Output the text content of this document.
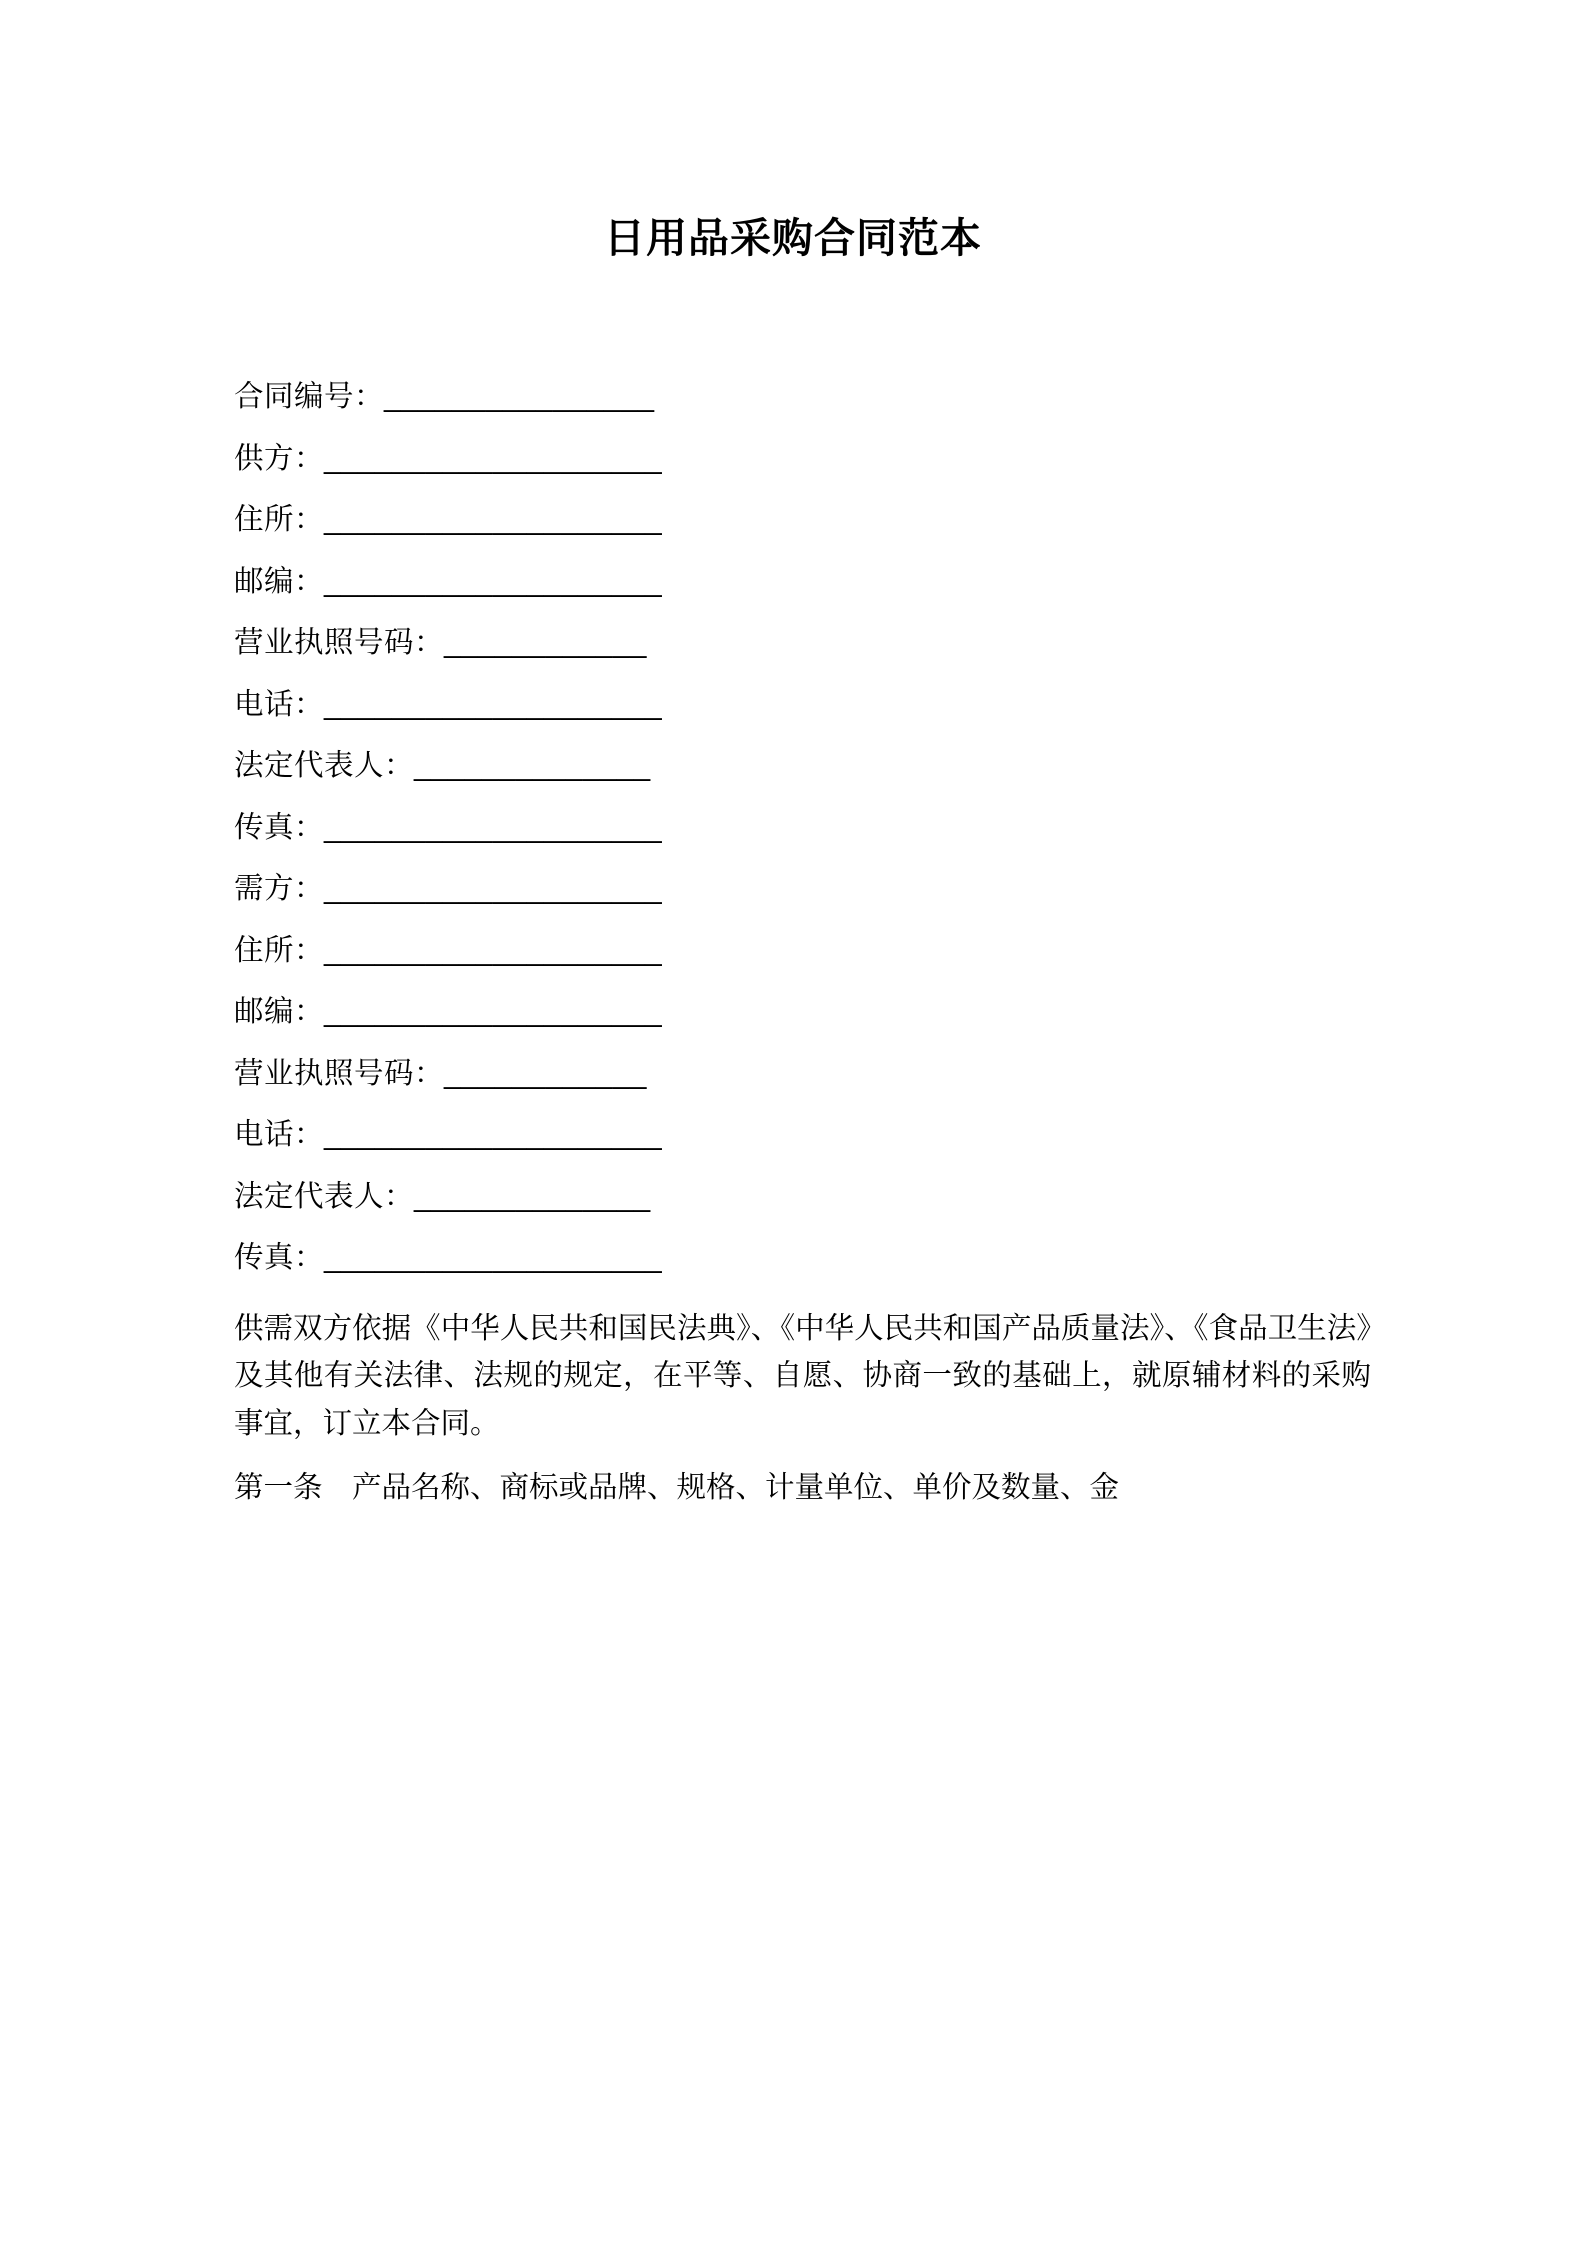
日用品采购合同范本

合同编号：________________

供方：____________________

住所：____________________

邮编：____________________

营业执照号码：____________

电话：____________________

法定代表人：______________

传真：____________________

需方：____________________

住所：____________________

邮编：____________________

营业执照号码：____________

电话：____________________

法定代表人：______________

传真：____________________

供需双方依据《中华人民共和国民法典》、《中华人民共和国产品质量法》、《食品卫生法》及其他有关法律、法规的规定，在平等、自愿、协商一致的基础上，就原辅材料的采购事宜，订立本合同。

第一条　产品名称、商标或品牌、规格、计量单位、单价及数量、金
